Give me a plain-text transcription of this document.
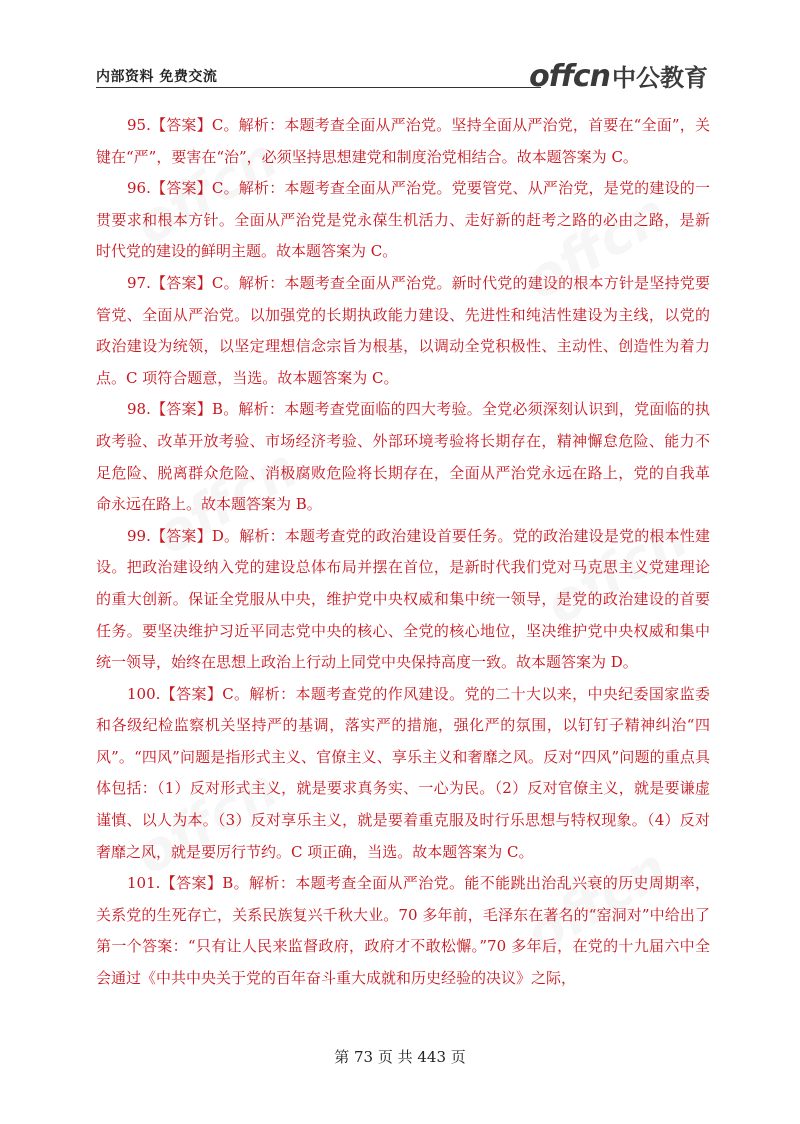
内部资料 免费交流	offcn中公教育

95.【答案】C。解析：本题考查全面从严治党。坚持全面从严治党，首要在“全面”，关键在“严”，要害在“治”，必须坚持思想建党和制度治党相结合。故本题答案为 C。

96.【答案】C。解析：本题考查全面从严治党。党要管党、从严治党，是党的建设的一贯要求和根本方针。全面从严治党是党永葆生机活力、走好新的赶考之路的必由之路，是新时代党的建设的鲜明主题。故本题答案为 C。

97.【答案】C。解析：本题考查全面从严治党。新时代党的建设的根本方针是坚持党要管党、全面从严治党。以加强党的长期执政能力建设、先进性和纯洁性建设为主线，以党的政治建设为统领，以坚定理想信念宗旨为根基，以调动全党积极性、主动性、创造性为着力点。C 项符合题意，当选。故本题答案为 C。

98.【答案】B。解析：本题考查党面临的四大考验。全党必须深刻认识到，党面临的执政考验、改革开放考验、市场经济考验、外部环境考验将长期存在，精神懈怠危险、能力不足危险、脱离群众危险、消极腐败危险将长期存在，全面从严治党永远在路上，党的自我革命永远在路上。故本题答案为 B。

99.【答案】D。解析：本题考查党的政治建设首要任务。党的政治建设是党的根本性建设。把政治建设纳入党的建设总体布局并摆在首位，是新时代我们党对马克思主义党建理论的重大创新。保证全党服从中央，维护党中央权威和集中统一领导，是党的政治建设的首要任务。要坚决维护习近平同志党中央的核心、全党的核心地位，坚决维护党中央权威和集中统一领导，始终在思想上政治上行动上同党中央保持高度一致。故本题答案为 D。

100.【答案】C。解析：本题考查党的作风建设。党的二十大以来，中央纪委国家监委和各级纪检监察机关坚持严的基调，落实严的措施，强化严的氛围，以钉钉子精神纠治“四风”。“四风”问题是指形式主义、官僚主义、享乐主义和奢靡之风。反对“四风”问题的重点具体包括：（1）反对形式主义，就是要求真务实、一心为民。（2）反对官僚主义，就是要谦虚谨慎、以人为本。（3）反对享乐主义，就是要着重克服及时行乐思想与特权现象。（4）反对奢靡之风，就是要厉行节约。C 项正确，当选。故本题答案为 C。

101.【答案】B。解析：本题考查全面从严治党。能不能跳出治乱兴衰的历史周期率，关系党的生死存亡，关系民族复兴千秋大业。70 多年前，毛泽东在著名的“窑洞对”中给出了第一个答案：“只有让人民来监督政府，政府才不敢松懈。”70 多年后，在党的十九届六中全会通过《中共中央关于党的百年奋斗重大成就和历史经验的决议》之际，

第 73 页 共 443 页
